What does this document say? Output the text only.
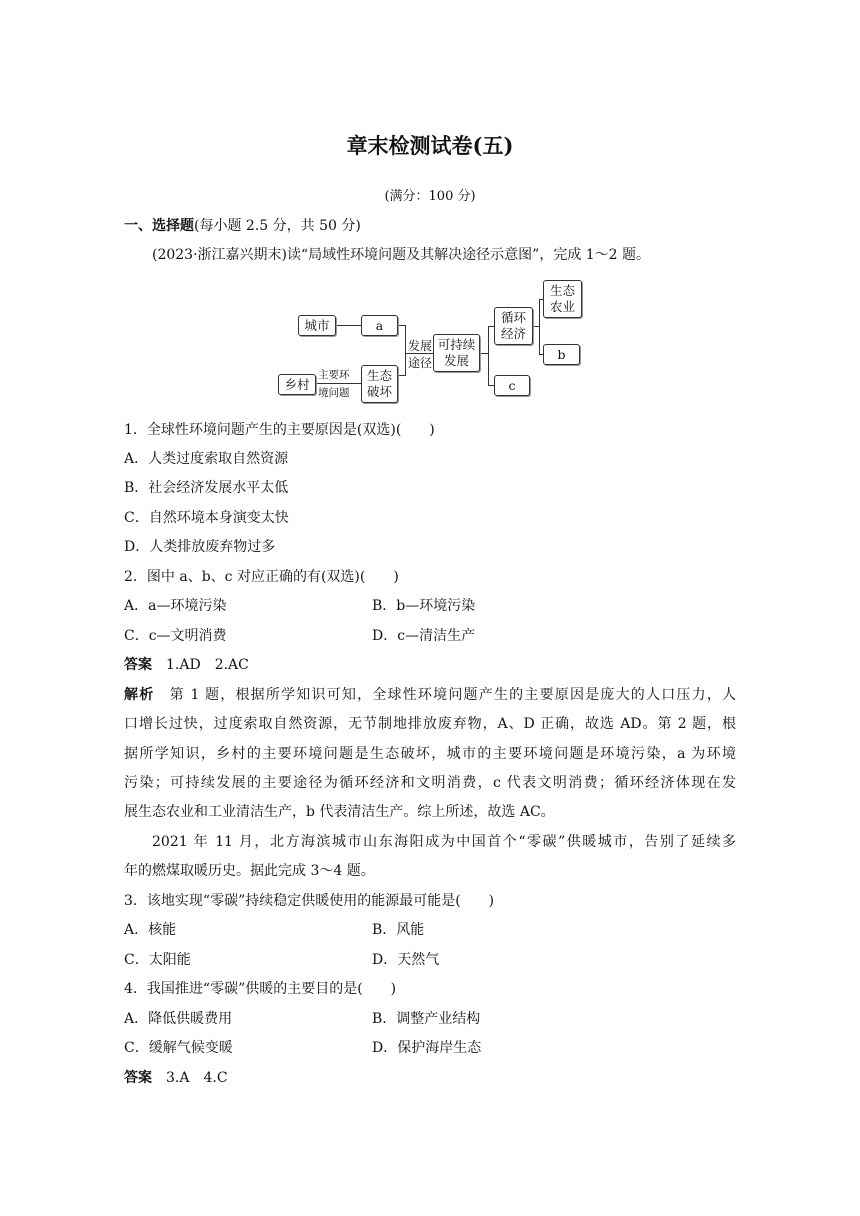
章末检测试卷(五)
(满分：100 分)
一、选择题(每小题 2.5 分，共 50 分)
(2023·浙江嘉兴期末)读“局域性环境问题及其解决途径示意图”，完成 1～2 题。
城市	a
乡村
主要环
境问题
生态
破坏
发展
途径
可持续
发展
循环
经济
生态
农业
b
c
1．全球性环境问题产生的主要原因是(双选)(　　)
A．人类过度索取自然资源
B．社会经济发展水平太低
C．自然环境本身演变太快
D．人类排放废弃物过多
2．图中 a、b、c 对应正确的有(双选)(　　)
A．a—环境污染	B．b—环境污染
C．c—文明消费	D．c—清洁生产
答案　 1.AD　2.AC
解析　 第 1 题，根据所学知识可知，全球性环境问题产生的主要原因是庞大的人口压力，人
口增长过快，过度索取自然资源，无节制地排放废弃物，A、D 正确，故选 AD。第 2 题，根
据所学知识，乡村的主要环境问题是生态破坏，城市的主要环境问题是环境污染，a 为环境
污染；可持续发展的主要途径为循环经济和文明消费，c 代表文明消费；循环经济体现在发
展生态农业和工业清洁生产，b 代表清洁生产。综上所述，故选 AC。
2021 年 11 月，北方海滨城市山东海阳成为中国首个“零碳”供暖城市，告别了延续多
年的燃煤取暖历史。据此完成 3～4 题。
3．该地实现“零碳”持续稳定供暖使用的能源最可能是(　　)
A．核能	B．风能
C．太阳能	D．天然气
4．我国推进“零碳”供暖的主要目的是(　　)
A．降低供暖费用	B．调整产业结构
C．缓解气候变暖	D．保护海岸生态
答案　 3.A　4.C
